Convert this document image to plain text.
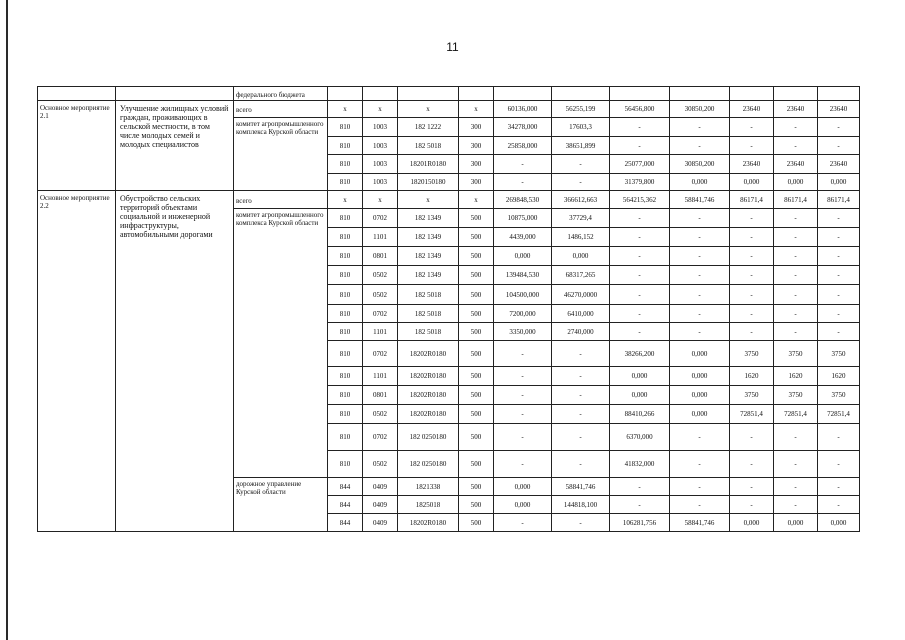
11
		федерального бюджета											
Основное мероприятие 2.1	Улучшение жилищных условий граждан, проживающих в сельской местности, в том числе молодых семей и молодых специалистов	всего	x	x	x	x	60136,000	56255,199	56456,800	30850,200	23640	23640	23640
		комитет агропромышленного комплекса Курской области	810	1003	182 1222	300	34278,000	17603,3	-	-	-	-	-
			810	1003	182 5018	300	25858,000	38651,899	-	-	-	-	-
			810	1003	18201R0180	300	-	-	25077,000	30850,200	23640	23640	23640
			810	1003	1820150180	300	-	-	31379,800	0,000	0,000	0,000	0,000
Основное мероприятие 2.2	Обустройство сельских территорий объектами социальной и инженерной инфраструктуры, автомобильными дорогами	всего	x	x	x	x	269848,530	366612,663	564215,362	58841,746	86171,4	86171,4	86171,4
		комитет агропромышленного комплекса Курской области	810	0702	182 1349	500	10875,000	37729,4	-	-	-	-	-
			810	1101	182 1349	500	4439,000	1486,152	-	-	-	-	-
			810	0801	182 1349	500	0,000	0,000	-	-	-	-	-
			810	0502	182 1349	500	139484,530	68317,265	-	-	-	-	-
			810	0502	182 5018	500	104500,000	46270,0000	-	-	-	-	-
			810	0702	182 5018	500	7200,000	6410,000	-	-	-	-	-
			810	1101	182 5018	500	3350,000	2740,000	-	-	-	-	-
			810	0702	18202R0180	500	-	-	38266,200	0,000	3750	3750	3750
			810	1101	18202R0180	500	-	-	0,000	0,000	1620	1620	1620
			810	0801	18202R0180	500	-	-	0,000	0,000	3750	3750	3750
			810	0502	18202R0180	500	-	-	88410,266	0,000	72851,4	72851,4	72851,4
			810	0702	182 0250180	500	-	-	6370,000	-	-	-	-
			810	0502	182 0250180	500	-	-	41832,000	-	-	-	-
		дорожное управление Курской области	844	0409	1821338	500	0,000	58841,746	-	-	-	-	-
			844	0409	1825018	500	0,000	144818,100	-	-	-	-	-
			844	0409	18202R0180	500	-	-	106281,756	58841,746	0,000	0,000	0,000
